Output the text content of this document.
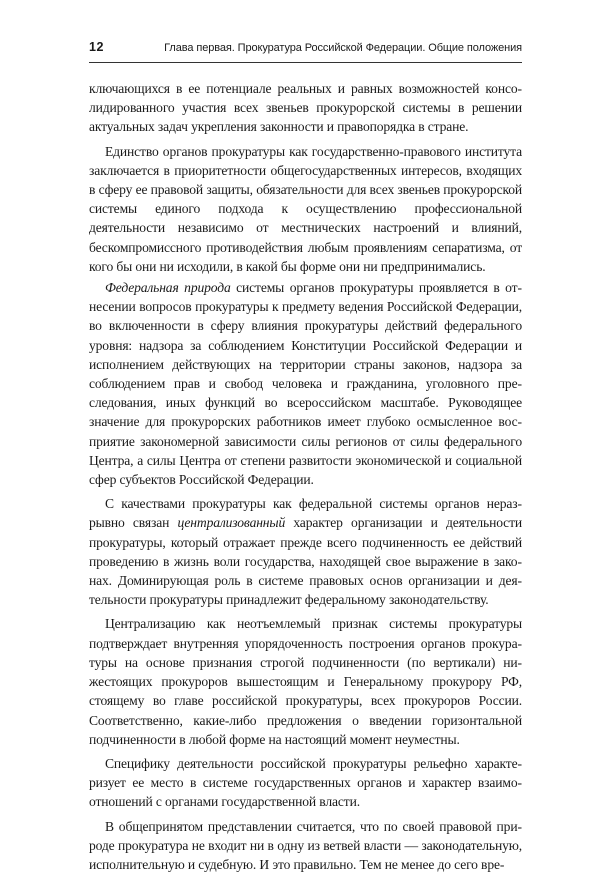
12	Глава первая. Прокуратура Российской Федерации. Общие положения

ключающихся в ее потенциале реальных и равных возможностей консолидированного участия всех звеньев прокурорской системы в решении актуальных задач укрепления законности и правопорядка в стране.

Единство органов прокуратуры как государственно-правового института заключается в приоритетности общегосударственных интересов, входящих в сферу ее правовой защиты, обязательности для всех звеньев прокурорской системы единого подхода к осуществлению профессиональной деятельности независимо от местнических настроений и влияний, бескомпромиссного противодействия любым проявлениям сепаратизма, от кого бы они ни исходили, в какой бы форме они ни предпринимались.

Федеральная природа системы органов прокуратуры проявляется в отнесении вопросов прокуратуры к предмету ведения Российской Федерации, во включенности в сферу влияния прокуратуры действий федерального уровня: надзора за соблюдением Конституции Российской Федерации и исполнением действующих на территории страны законов, надзора за соблюдением прав и свобод человека и гражданина, уголовного преследования, иных функций во всероссийском масштабе. Руководящее значение для прокурорских работников имеет глубоко осмысленное восприятие закономерной зависимости силы регионов от силы федерального Центра, а силы Центра от степени развитости экономической и социальной сфер субъектов Российской Федерации.

С качествами прокуратуры как федеральной системы органов неразрывно связан централизованный характер организации и деятельности прокуратуры, который отражает прежде всего подчиненность ее действий проведению в жизнь воли государства, находящей свое выражение в законах. Доминирующая роль в системе правовых основ организации и деятельности прокуратуры принадлежит федеральному законодательству.

Централизацию как неотъемлемый признак системы прокуратуры подтверждает внутренняя упорядоченность построения органов прокуратуры на основе признания строгой подчиненности (по вертикали) нижестоящих прокуроров вышестоящим и Генеральному прокурору РФ, стоящему во главе российской прокуратуры, всех прокуроров России. Соответственно, какие-либо предложения о введении горизонтальной подчиненности в любой форме на настоящий момент неуместны.

Специфику деятельности российской прокуратуры рельефно характеризует ее место в системе государственных органов и характер взаимоотношений с органами государственной власти.

В общепринятом представлении считается, что по своей правовой природе прокуратура не входит ни в одну из ветвей власти — законодательную, исполнительную и судебную. И это правильно. Тем не менее до сего вре-
